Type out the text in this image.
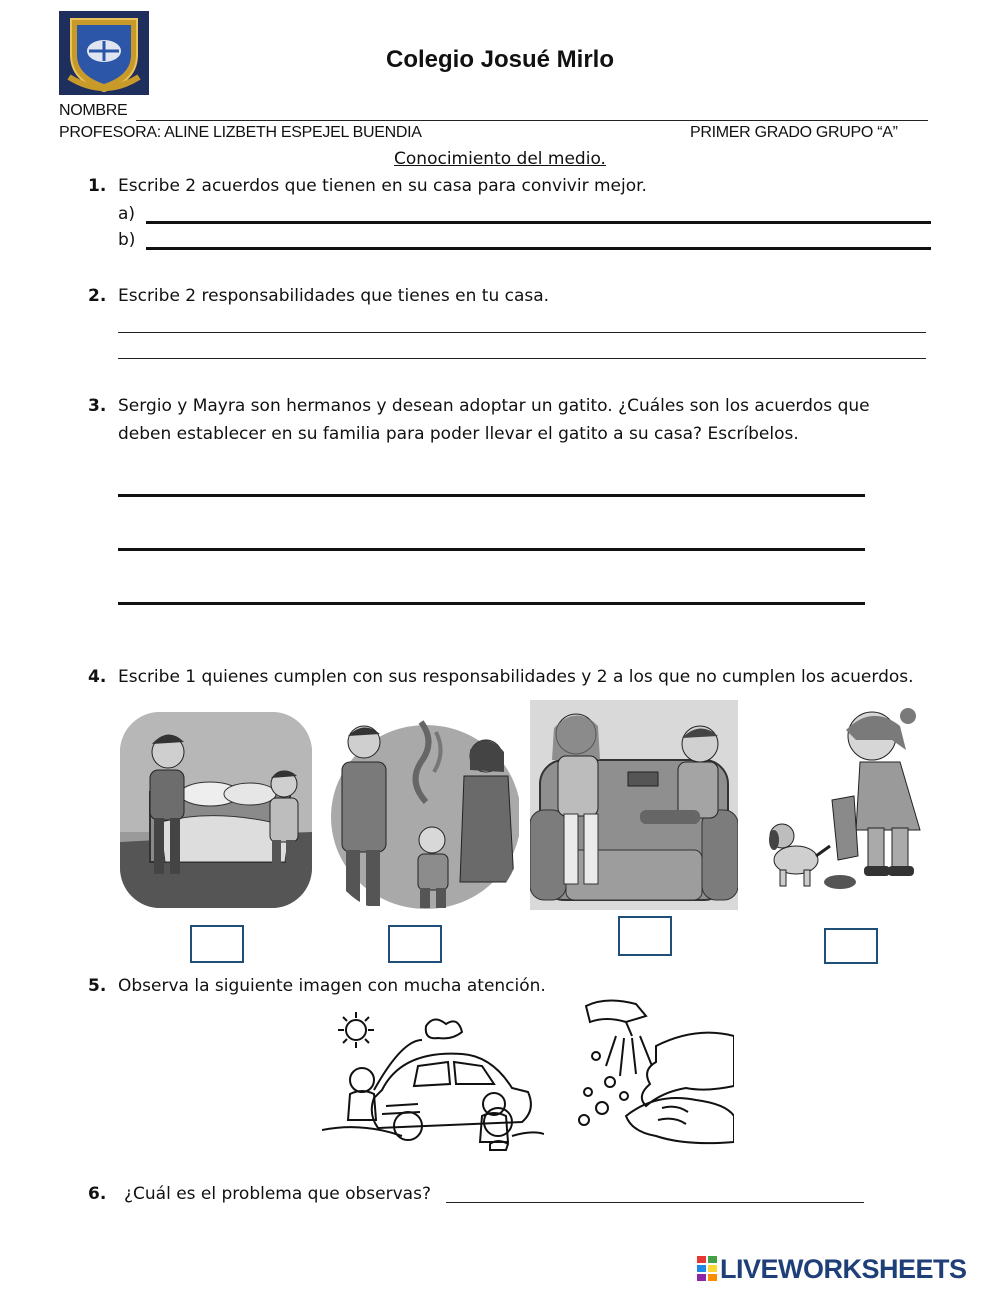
Colegio Josué Mirlo
NOMBRE
PROFESORA: ALINE LIZBETH ESPEJEL BUENDIA	PRIMER GRADO GRUPO “A”
Conocimiento del medio.
1. Escribe 2 acuerdos que tienen en su casa para convivir mejor.
a)
b)
2. Escribe 2 responsabilidades que tienes en tu casa.
3. Sergio y Mayra son hermanos y desean adoptar un gatito. ¿Cuáles son los acuerdos que
deben establecer en su familia para poder llevar el gatito a su casa? Escríbelos.
4. Escribe 1 quienes cumplen con sus responsabilidades y 2 a los que no cumplen los acuerdos.
5. Observa la siguiente imagen con mucha atención.
6. ¿Cuál es el problema que observas?
LIVEWORKSHEETS
